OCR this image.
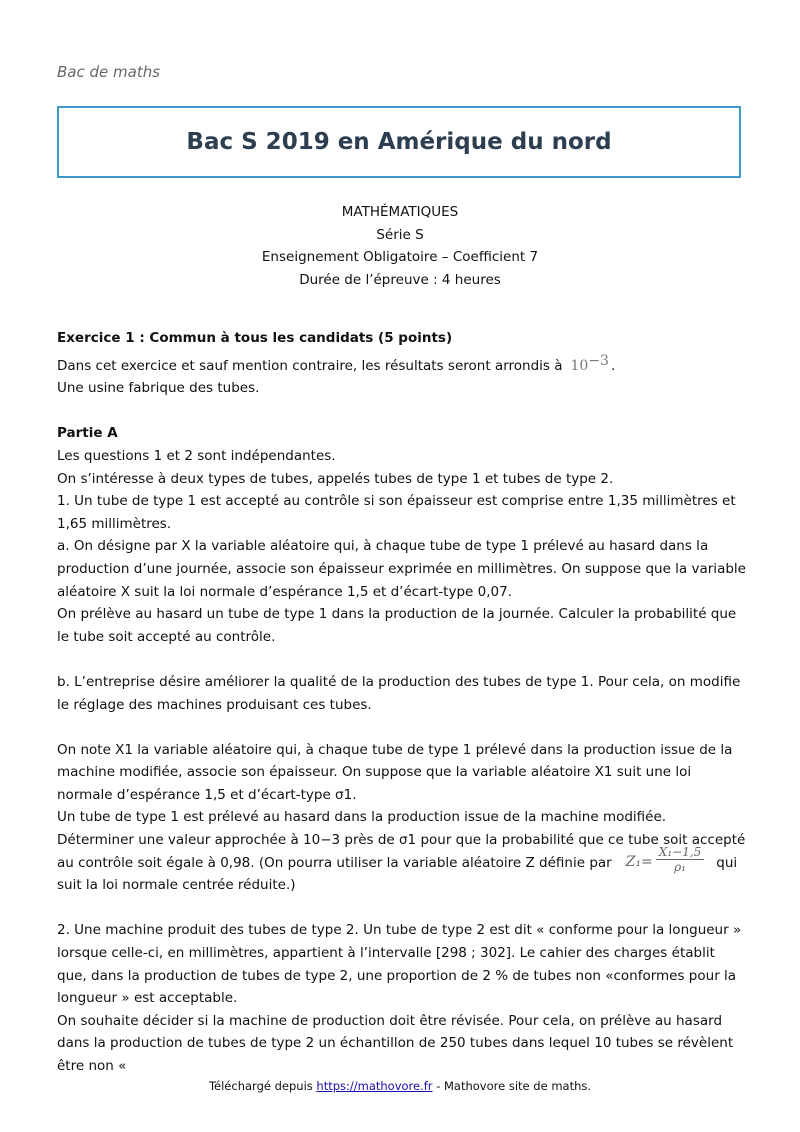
Bac de maths
Bac S 2019 en Amérique du nord
MATHÉMATIQUES
Série S
Enseignement Obligatoire – Coefficient 7
Durée de l’épreuve : 4 heures

Exercice 1 : Commun à tous les candidats (5 points)

Dans cet exercice et sauf mention contraire, les résultats seront arrondis à $10^{-3}$ .

Une usine fabrique des tubes.

Partie A

Les questions 1 et 2 sont indépendantes.

On s’intéresse à deux types de tubes, appelés tubes de type 1 et tubes de type 2.

1. Un tube de type 1 est accepté au contrôle si son épaisseur est comprise entre 1,35 millimètres et 1,65 millimètres.

a. On désigne par X la variable aléatoire qui, à chaque tube de type 1 prélevé au hasard dans la production d’une journée, associe son épaisseur exprimée en millimètres. On suppose que la variable aléatoire X suit la loi normale d’espérance 1,5 et d’écart-type 0,07.

On prélève au hasard un tube de type 1 dans la production de la journée. Calculer la probabilité que le tube soit accepté au contrôle.

b. L’entreprise désire améliorer la qualité de la production des tubes de type 1. Pour cela, on modifie le réglage des machines produisant ces tubes.

On note X1 la variable aléatoire qui, à chaque tube de type 1 prélevé dans la production issue de la machine modifiée, associe son épaisseur. On suppose que la variable aléatoire X1 suit une loi normale d’espérance 1,5 et d’écart-type σ1.

Un tube de type 1 est prélevé au hasard dans la production issue de la machine modifiée. Déterminer une valeur approchée à 10−3 près de σ1 pour que la probabilité que ce tube soit accepté au contrôle soit égale à 0,98. (On pourra utiliser la variable aléatoire Z définie par $Z_1= \frac{\text{X₁−1,5}}{\text{ρ₁}}$ qui suit la loi normale centrée réduite.)

2. Une machine produit des tubes de type 2. Un tube de type 2 est dit « conforme pour la longueur » lorsque celle-ci, en millimètres, appartient à l’intervalle [298 ; 302]. Le cahier des charges établit que, dans la production de tubes de type 2, une proportion de 2 % de tubes non «conformes pour la longueur » est acceptable.

On souhaite décider si la machine de production doit être révisée. Pour cela, on prélève au hasard dans la production de tubes de type 2 un échantillon de 250 tubes dans lequel 10 tubes se révèlent être non «

Téléchargé depuis https://mathovore.fr - Mathovore site de maths.
